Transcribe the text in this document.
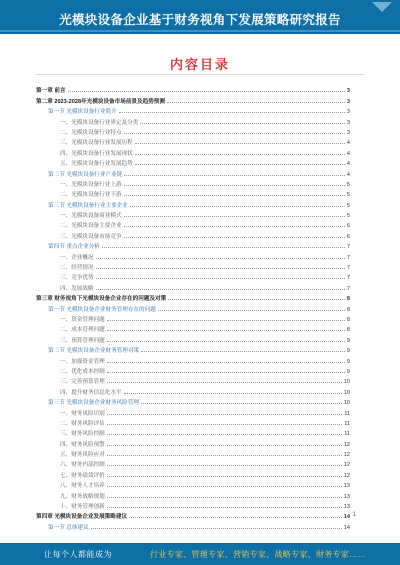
光模块设备企业基于财务视角下发展策略研究报告
内容目录
第一章 前言	3
第二章 2023-2028年光模块设备市场前景及趋势预测	3
第一节 光模块设备行业简介	3
一、光模块设备行业界定及分类	3
二、光模块设备行业特点	3
三、光模块设备行业发展历程	4
四、光模块设备行业发展现状	4
五、光模块设备行业发展趋势	4
第二节 光模块设备行业产业链	4
一、光模块设备行业上游	5
二、光模块设备行业下游	5
第三节 光模块设备行业主要企业	5
一、光模块设备商业模式	5
二、光模块设备主要企业	6
三、光模块设备市场竞争	6
第四节 重点企业分析	7
一、企业概况	7
二、经营情况	7
三、竞争优势	7
四、发展战略	7
第三章 财务视角下光模块设备企业存在的问题及对策	8
第一节 光模块设备企业财务管理存在的问题	8
一、资金管理问题	8
二、成本管理问题	8
三、预算管理问题	9
第二节 光模块设备企业财务管理对策	9
一、加强资金管理	9
二、优化成本控制	9
三、完善预算管理	10
四、提升财务信息化水平	10
第三节 光模块设备企业财务风险管理	10
一、财务风险识别	11
二、财务风险评估	11
三、财务风险控制	11
四、财务风险预警	12
五、财务风险应对	12
六、财务内部控制	12
七、财务绩效评价	12
八、财务人才培养	13
九、财务战略规划	13
十、财务管理创新	13
第四章 光模块设备企业发展策略建议	14
第一节 总体建议	14
1
让每个人都能成为	行业专家、管理专家、营销专家、战略专家、财务专家……
